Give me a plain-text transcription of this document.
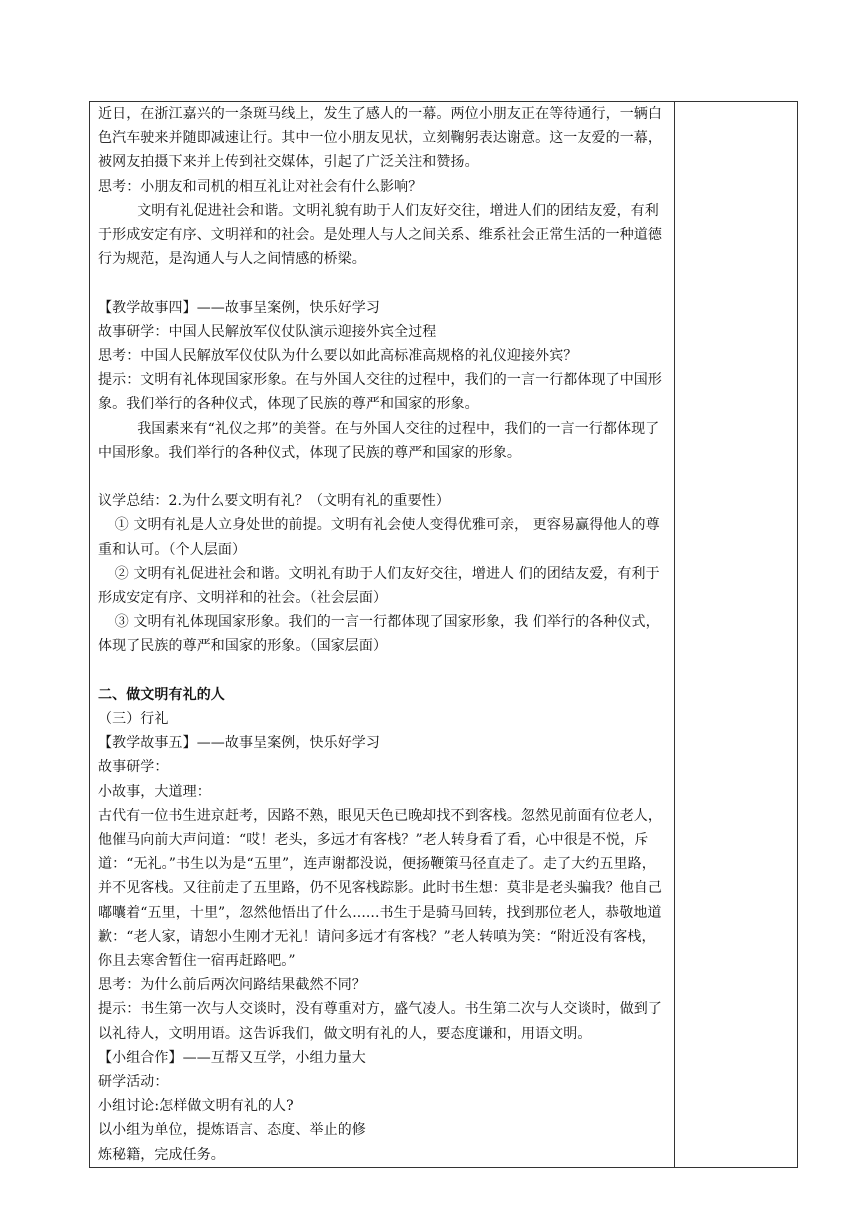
近日，在浙江嘉兴的一条斑马线上，发生了感人的一幕。两位小朋友正在等待通行，一辆白色汽车驶来并随即减速让行。其中一位小朋友见状，立刻鞠躬表达谢意。这一友爱的一幕，被网友拍摄下来并上传到社交媒体，引起了广泛关注和赞扬。

思考：小朋友和司机的相互礼让对社会有什么影响？

文明有礼促进社会和谐。文明礼貌有助于人们友好交往，增进人们的团结友爱，有利于形成安定有序、文明祥和的社会。是处理人与人之间关系、维系社会正常生活的一种道德行为规范，是沟通人与人之间情感的桥梁。

【教学故事四】——故事呈案例，快乐好学习

故事研学：中国人民解放军仪仗队演示迎接外宾全过程

思考：中国人民解放军仪仗队为什么要以如此高标准高规格的礼仪迎接外宾？

提示：文明有礼体现国家形象。在与外国人交往的过程中，我们的一言一行都体现了中国形象。我们举行的各种仪式，体现了民族的尊严和国家的形象。

我国素来有“礼仪之邦”的美誉。在与外国人交往的过程中，我们的一言一行都体现了中国形象。我们举行的各种仪式，体现了民族的尊严和国家的形象。

议学总结：2.为什么要文明有礼？（文明有礼的重要性）

① 文明有礼是人立身处世的前提。文明有礼会使人变得优雅可亲， 更容易赢得他人的尊重和认可。（个人层面）

② 文明有礼促进社会和谐。文明礼有助于人们友好交往，增进人 们的团结友爱，有利于形成安定有序、文明祥和的社会。（社会层面）

③ 文明有礼体现国家形象。我们的一言一行都体现了国家形象，我 们举行的各种仪式，体现了民族的尊严和国家的形象。（国家层面）

二、做文明有礼的人

（三）行礼

【教学故事五】——故事呈案例，快乐好学习

故事研学：

小故事，大道理：

古代有一位书生进京赶考，因路不熟，眼见天色已晚却找不到客栈。忽然见前面有位老人，他催马向前大声问道：“哎！老头，多远才有客栈？”老人转身看了看，心中很是不悦，斥道：“无礼。”书生以为是“五里”，连声谢都没说，便扬鞭策马径直走了。走了大约五里路，并不见客栈。又往前走了五里路，仍不见客栈踪影。此时书生想：莫非是老头骗我？他自己嘟囔着“五里，十里”，忽然他悟出了什么......书生于是骑马回转，找到那位老人，恭敬地道歉：“老人家，请恕小生刚才无礼！请问多远才有客栈？”老人转嗔为笑：“附近没有客栈，你且去寒舍暂住一宿再赶路吧。”

思考：为什么前后两次问路结果截然不同？

提示：书生第一次与人交谈时，没有尊重对方，盛气凌人。书生第二次与人交谈时，做到了以礼待人，文明用语。这告诉我们，做文明有礼的人，要态度谦和，用语文明。

【小组合作】——互帮又互学，小组力量大

研学活动：

小组讨论:怎样做文明有礼的人?

以小组为单位，提炼语言、态度、举止的修

炼秘籍，完成任务。
